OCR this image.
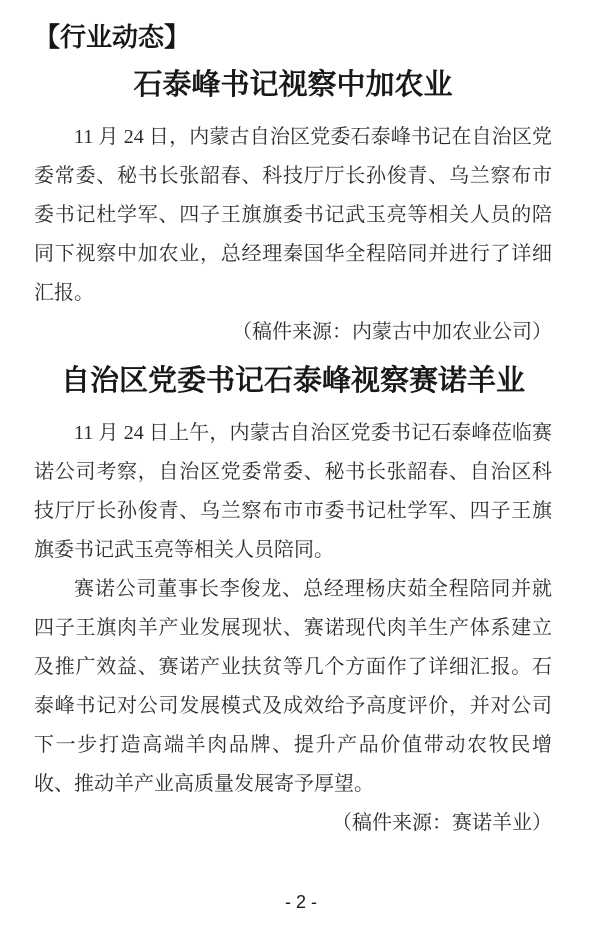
【行业动态】
石泰峰书记视察中加农业

11 月 24 日，内蒙古自治区党委石泰峰书记在自治区党委常委、秘书长张韶春、科技厅厅长孙俊青、乌兰察布市委书记杜学军、四子王旗旗委书记武玉亮等相关人员的陪同下视察中加农业，总经理秦国华全程陪同并进行了详细汇报。

（稿件来源：内蒙古中加农业公司）

自治区党委书记石泰峰视察赛诺羊业

11 月 24 日上午，内蒙古自治区党委书记石泰峰莅临赛诺公司考察，自治区党委常委、秘书长张韶春、自治区科技厅厅长孙俊青、乌兰察布市市委书记杜学军、四子王旗旗委书记武玉亮等相关人员陪同。

赛诺公司董事长李俊龙、总经理杨庆茹全程陪同并就四子王旗肉羊产业发展现状、赛诺现代肉羊生产体系建立及推广效益、赛诺产业扶贫等几个方面作了详细汇报。石泰峰书记对公司发展模式及成效给予高度评价，并对公司下一步打造高端羊肉品牌、提升产品价值带动农牧民增收、推动羊产业高质量发展寄予厚望。

（稿件来源：赛诺羊业）

- 2 -
